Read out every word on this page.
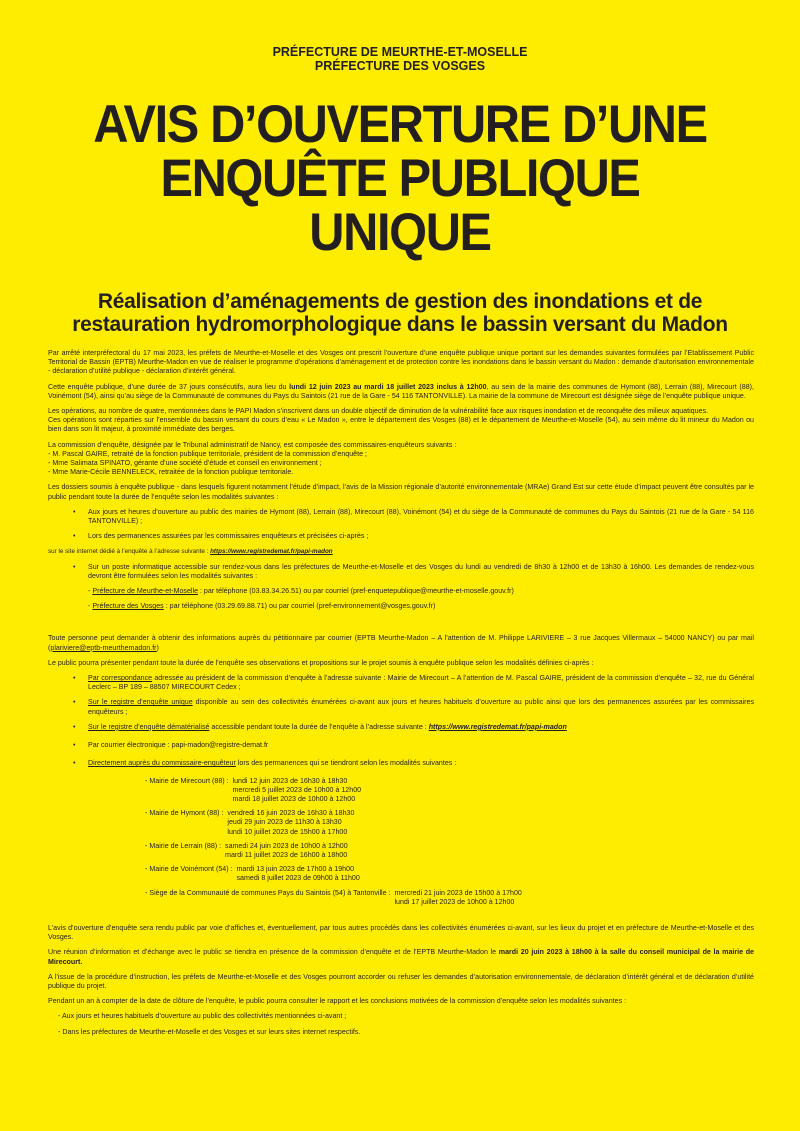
PRÉFECTURE DE MEURTHE-ET-MOSELLE
PRÉFECTURE DES VOSGES
AVIS D’OUVERTURE D’UNE
ENQUÊTE PUBLIQUE
UNIQUE
Réalisation d’aménagements de gestion des inondations et de
restauration hydromorphologique dans le bassin versant du Madon

Par arrêté interpréfectoral du 17 mai 2023, les préfets de Meurthe-et-Moselle et des Vosges ont prescrit l’ouverture d’une enquête publique unique portant sur les demandes suivantes formulées par l’Etablissement Public Territorial de Bassin (EPTB) Meurthe-Madon en vue de réaliser le programme d’opérations d’aménagement et de protection contre les inondations dans le bassin versant du Madon : demande d’autorisation environnementale - déclaration d’utilité publique - déclaration d’intérêt général.

Cette enquête publique, d’une durée de 37 jours consécutifs, aura lieu du lundi 12 juin 2023 au mardi 18 juillet 2023 inclus à 12h00, au sein de la mairie des communes de Hymont (88), Lerrain (88), Mirecourt (88), Voinémont (54), ainsi qu’au siège de la Communauté de communes du Pays du Saintois (21 rue de la Gare - 54 116 TANTONVILLE). La mairie de la commune de Mirecourt est désignée siège de l’enquête publique unique.

Les opérations, au nombre de quatre, mentionnées dans le PAPI Madon s’inscrivent dans un double objectif de diminution de la vulnérabilité face aux risques inondation et de reconquête des milieux aquatiques.
Ces opérations sont réparties sur l’ensemble du bassin versant du cours d’eau « Le Madon », entre le département des Vosges (88) et le département de Meurthe-et-Moselle (54), au sein même du lit mineur du Madon ou bien dans son lit majeur, à proximité immédiate des berges.

La commission d’enquête, désignée par le Tribunal administratif de Nancy, est composée des commissaires-enquêteurs suivants :
- M. Pascal GAIRE, retraité de la fonction publique territoriale, président de la commission d’enquête ;
- Mme Salimata SPINATO, gérante d’une société d’étude et conseil en environnement ;
- Mme Marie-Cécile BENNELECK, retraitée de la fonction publique territoriale.

Les dossiers soumis à enquête publique - dans lesquels figurent notamment l’étude d’impact, l’avis de la Mission régionale d’autorité environnementale (MRAe) Grand Est sur cette étude d’impact peuvent être consultés par le public pendant toute la durée de l’enquête selon les modalités suivantes :

• Aux jours et heures d’ouverture au public des mairies de Hymont (88), Lerrain (88), Mirecourt (88), Voinémont (54) et du siège de la Communauté de communes du Pays du Saintois (21 rue de la Gare - 54 116 TANTONVILLE) ;
• Lors des permanences assurées par les commissaires enquêteurs et précisées ci-après ;

sur le site internet dédié à l’enquête à l’adresse suivante : https://www.registredemat.fr/papi-madon

• Sur un poste informatique accessible sur rendez-vous dans les préfectures de Meurthe-et-Moselle et des Vosges du lundi au vendredi de 8h30 à 12h00 et de 13h30 à 16h00. Les demandes de rendez-vous devront être formulées selon les modalités suivantes :

- Préfecture de Meurthe-et-Moselle : par téléphone (03.83.34.26.51) ou par courriel (pref-enquetepublique@meurthe-et-moselle.gouv.fr)

- Préfecture des Vosges : par téléphone (03.29.69.88.71) ou par courriel (pref-environnement@vosges.gouv.fr)

Toute personne peut demander à obtenir des informations auprès du pétitionnaire par courrier (EPTB Meurthe-Madon – A l’attention de M. Philippe LARIVIERE – 3 rue Jacques Villermaux – 54000 NANCY) ou par mail (plariviere@eptb-meurthemadon.fr)

Le public pourra présenter pendant toute la durée de l’enquête ses observations et propositions sur le projet soumis à enquête publique selon les modalités définies ci-après :

• Par correspondance adressée au président de la commission d’enquête à l’adresse suivante : Mairie de Mirecourt – A l’attention de M. Pascal GAIRE, président de la commission d’enquête – 32, rue du Général Leclerc – BP 189 – 88507 MIRECOURT Cedex ;
• Sur le registre d’enquête unique disponible au sein des collectivités énumérées ci-avant aux jours et heures habituels d’ouverture au public ainsi que lors des permanences assurées par les commissaires enquêteurs ;
• Sur le registre d’enquête dématérialisé accessible pendant toute la durée de l’enquête à l’adresse suivante : https://www.registredemat.fr/papi-madon
• Par courrier électronique : papi-madon@registre-demat.fr
• Directement auprès du commissaire-enquêteur lors des permanences qui se tiendront selon les modalités suivantes :
- Mairie de Mirecourt (88) : lundi 12 juin 2023 de 16h30 à 18h30
mercredi 5 juillet 2023 de 10h00 à 12h00
mardi 18 juillet 2023 de 10h00 à 12h00
- Mairie de Hymont (88) : vendredi 16 juin 2023 de 16h30 à 18h30
jeudi 29 juin 2023 de 11h30 à 13h30
lundi 10 juillet 2023 de 15h00 à 17h00
- Mairie de Lerrain (88) : samedi 24 juin 2023 de 10h00 à 12h00
mardi 11 juillet 2023 de 16h00 à 18h00
- Mairie de Voinémont (54) : mardi 13 juin 2023 de 17h00 à 19h00
samedi 8 juillet 2023 de 09h00 à 11h00
- Siège de la Communauté de communes Pays du Saintois (54) à Tantonville : mercredi 21 juin 2023 de 15h00 à 17h00
lundi 17 juillet 2023 de 10h00 à 12h00

L’avis d’ouverture d’enquête sera rendu public par voie d’affiches et, éventuellement, par tous autres procédés dans les collectivités énumérées ci-avant, sur les lieux du projet et en préfecture de Meurthe-et-Moselle et des Vosges.

Une réunion d’information et d’échange avec le public se tiendra en présence de la commission d’enquête et de l’EPTB Meurthe-Madon le mardi 20 juin 2023 à 18h00 à la salle du conseil municipal de la mairie de Mirecourt.

A l’issue de la procédure d’instruction, les préfets de Meurthe-et-Moselle et des Vosges pourront accorder ou refuser les demandes d’autorisation environnementale, de déclaration d’intérêt général et de déclaration d’utilité publique du projet.

Pendant un an à compter de la date de clôture de l’enquête, le public pourra consulter le rapport et les conclusions motivées de la commission d’enquête selon les modalités suivantes :

- Aux jours et heures habituels d’ouverture au public des collectivités mentionnées ci-avant ;

- Dans les préfectures de Meurthe-et-Moselle et des Vosges et sur leurs sites internet respectifs.
